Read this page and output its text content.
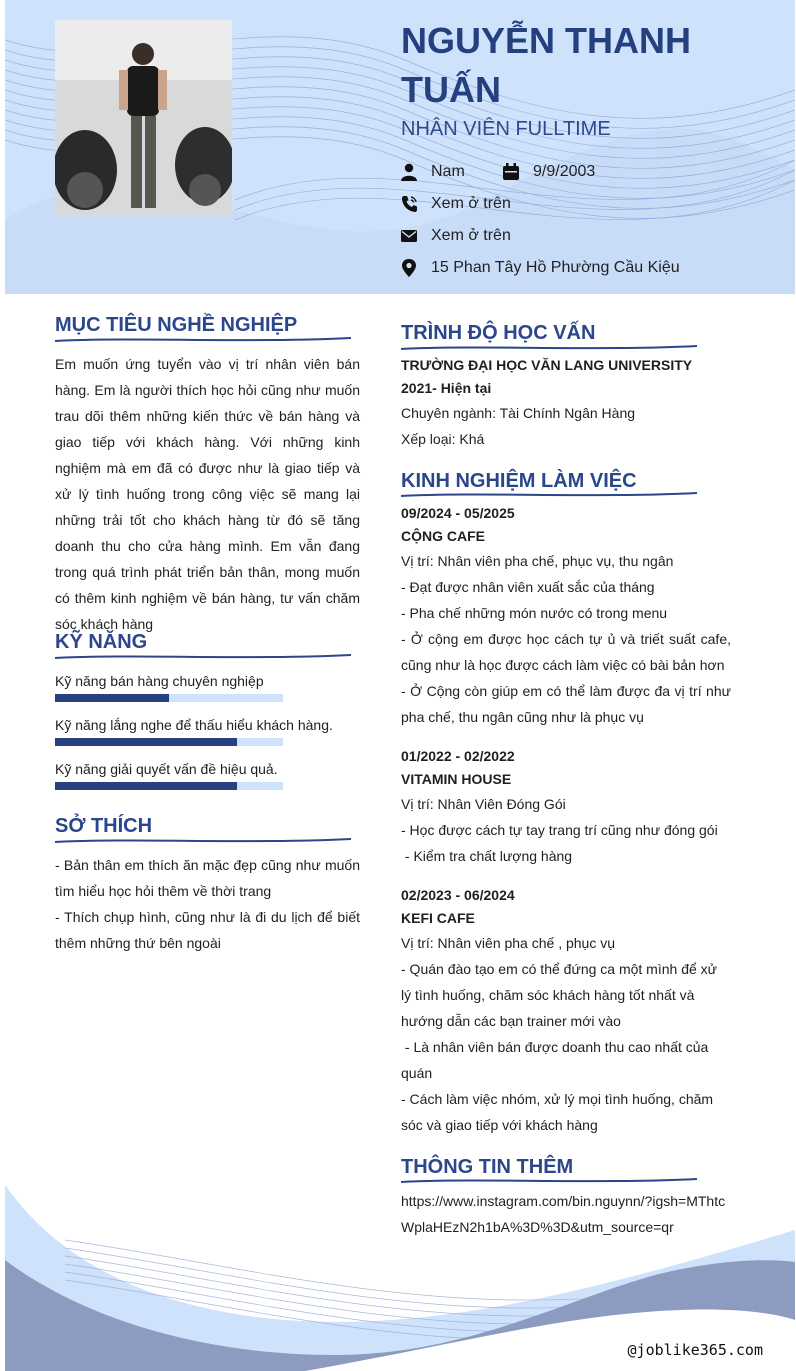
NGUYỄN THANH TUẤN
NHÂN VIÊN FULLTIME
Nam	9/9/2003
Xem ở trên
Xem ở trên
15 Phan Tây Hồ Phường Cầu Kiệu
MỤC TIÊU NGHỀ NGHIỆP
Em muốn ứng tuyển vào vị trí nhân viên bán hàng. Em là người thích học hỏi cũng như muốn trau dõi thêm những kiến thức về bán hàng và giao tiếp với khách hàng. Với những kinh nghiệm mà em đã có được như là giao tiếp và xử lý tình huống trong công việc sẽ mang lại những trải tốt cho khách hàng từ đó sẽ tăng doanh thu cho cửa hàng mình. Em vẫn đang trong quá trình phát triển bản thân, mong muốn có thêm kinh nghiệm về bán hàng, tư vấn chăm sóc khách hàng
KỸ NĂNG
Kỹ năng bán hàng chuyên nghiệp
Kỹ năng lắng nghe để thấu hiểu khách hàng.
Kỹ năng giải quyết vấn đề hiệu quả.
SỞ THÍCH
- Bản thân em thích ăn mặc đẹp cũng như muốn tìm hiểu học hỏi thêm về thời trang
- Thích chụp hình, cũng như là đi du lịch để biết thêm những thứ bên ngoài
TRÌNH ĐỘ HỌC VẤN
TRƯỜNG ĐẠI HỌC VĂN LANG UNIVERSITY
2021- Hiện tại
Chuyên ngành: Tài Chính Ngân Hàng
Xếp loại: Khá
KINH NGHIỆM LÀM VIỆC
09/2024 - 05/2025
CỘNG CAFE
Vị trí: Nhân viên pha chế, phục vụ, thu ngân
- Đạt được nhân viên xuất sắc của tháng
- Pha chế những món nước có trong menu
- Ở cộng em được học cách tự ủ và triết suất cafe, cũng như là học được cách làm việc có bài bản hơn
- Ở Cộng còn giúp em có thể làm được đa vị trí như pha chế, thu ngân cũng như là phục vụ
01/2022 - 02/2022
VITAMIN HOUSE
Vị trí: Nhân Viên Đóng Gói
- Học được cách tự tay trang trí cũng như đóng gói
- Kiểm tra chất lượng hàng
02/2023 - 06/2024
KEFI CAFE
Vị trí: Nhân viên pha chế , phục vụ
- Quán đào tạo em có thể đứng ca một mình để xử lý tình huống, chăm sóc khách hàng tốt nhất và hướng dẫn các bạn trainer mới vào
- Là nhân viên bán được doanh thu cao nhất của quán
- Cách làm việc nhóm, xử lý mọi tình huống, chăm sóc và giao tiếp với khách hàng
THÔNG TIN THÊM
https://www.instagram.com/bin.nguynn/?igsh=MThtcWplaHEzN2h1bA%3D%3D&utm_source=qr
@joblike365.com
